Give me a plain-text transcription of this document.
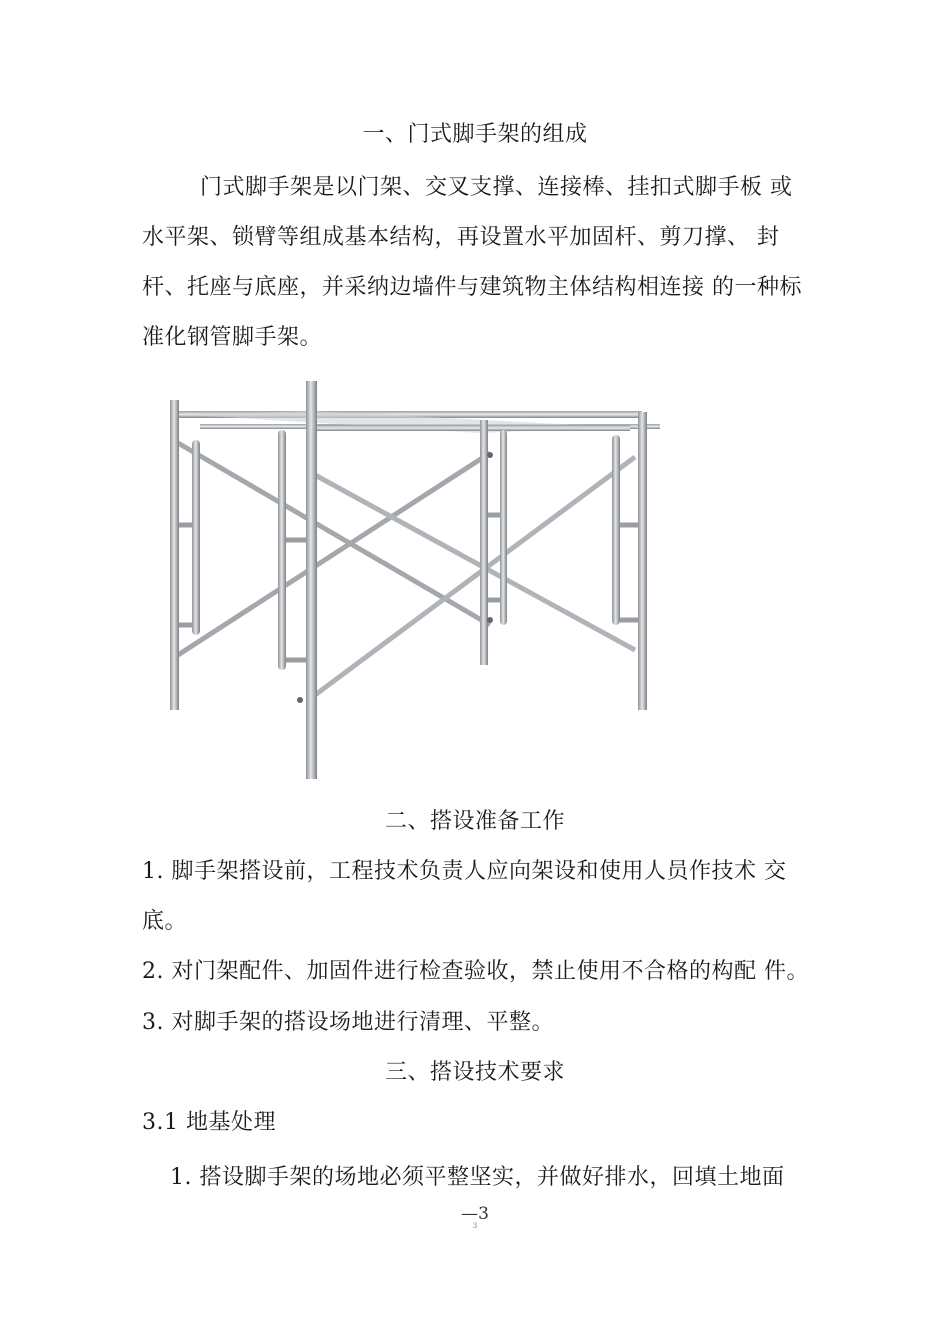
一、门式脚手架的组成
门式脚手架是以门架、交叉支撑、连接棒、挂扣式脚手板 或
水平架、锁臂等组成基本结构，再设置水平加固杆、剪刀撑、 封
杆、托座与底座，并采纳边墙件与建筑物主体结构相连接 的一种标
准化钢管脚手架。
二、搭设准备工作
1. 脚手架搭设前，工程技术负责人应向架设和使用人员作技术 交
底。
2. 对门架配件、加固件进行检查验收，禁止使用不合格的构配 件。
3. 对脚手架的搭设场地进行清理、平整。
三、搭设技术要求
3.1 地基处理
1. 搭设脚手架的场地必须平整坚实，并做好排水，回填土地面
—3
3
